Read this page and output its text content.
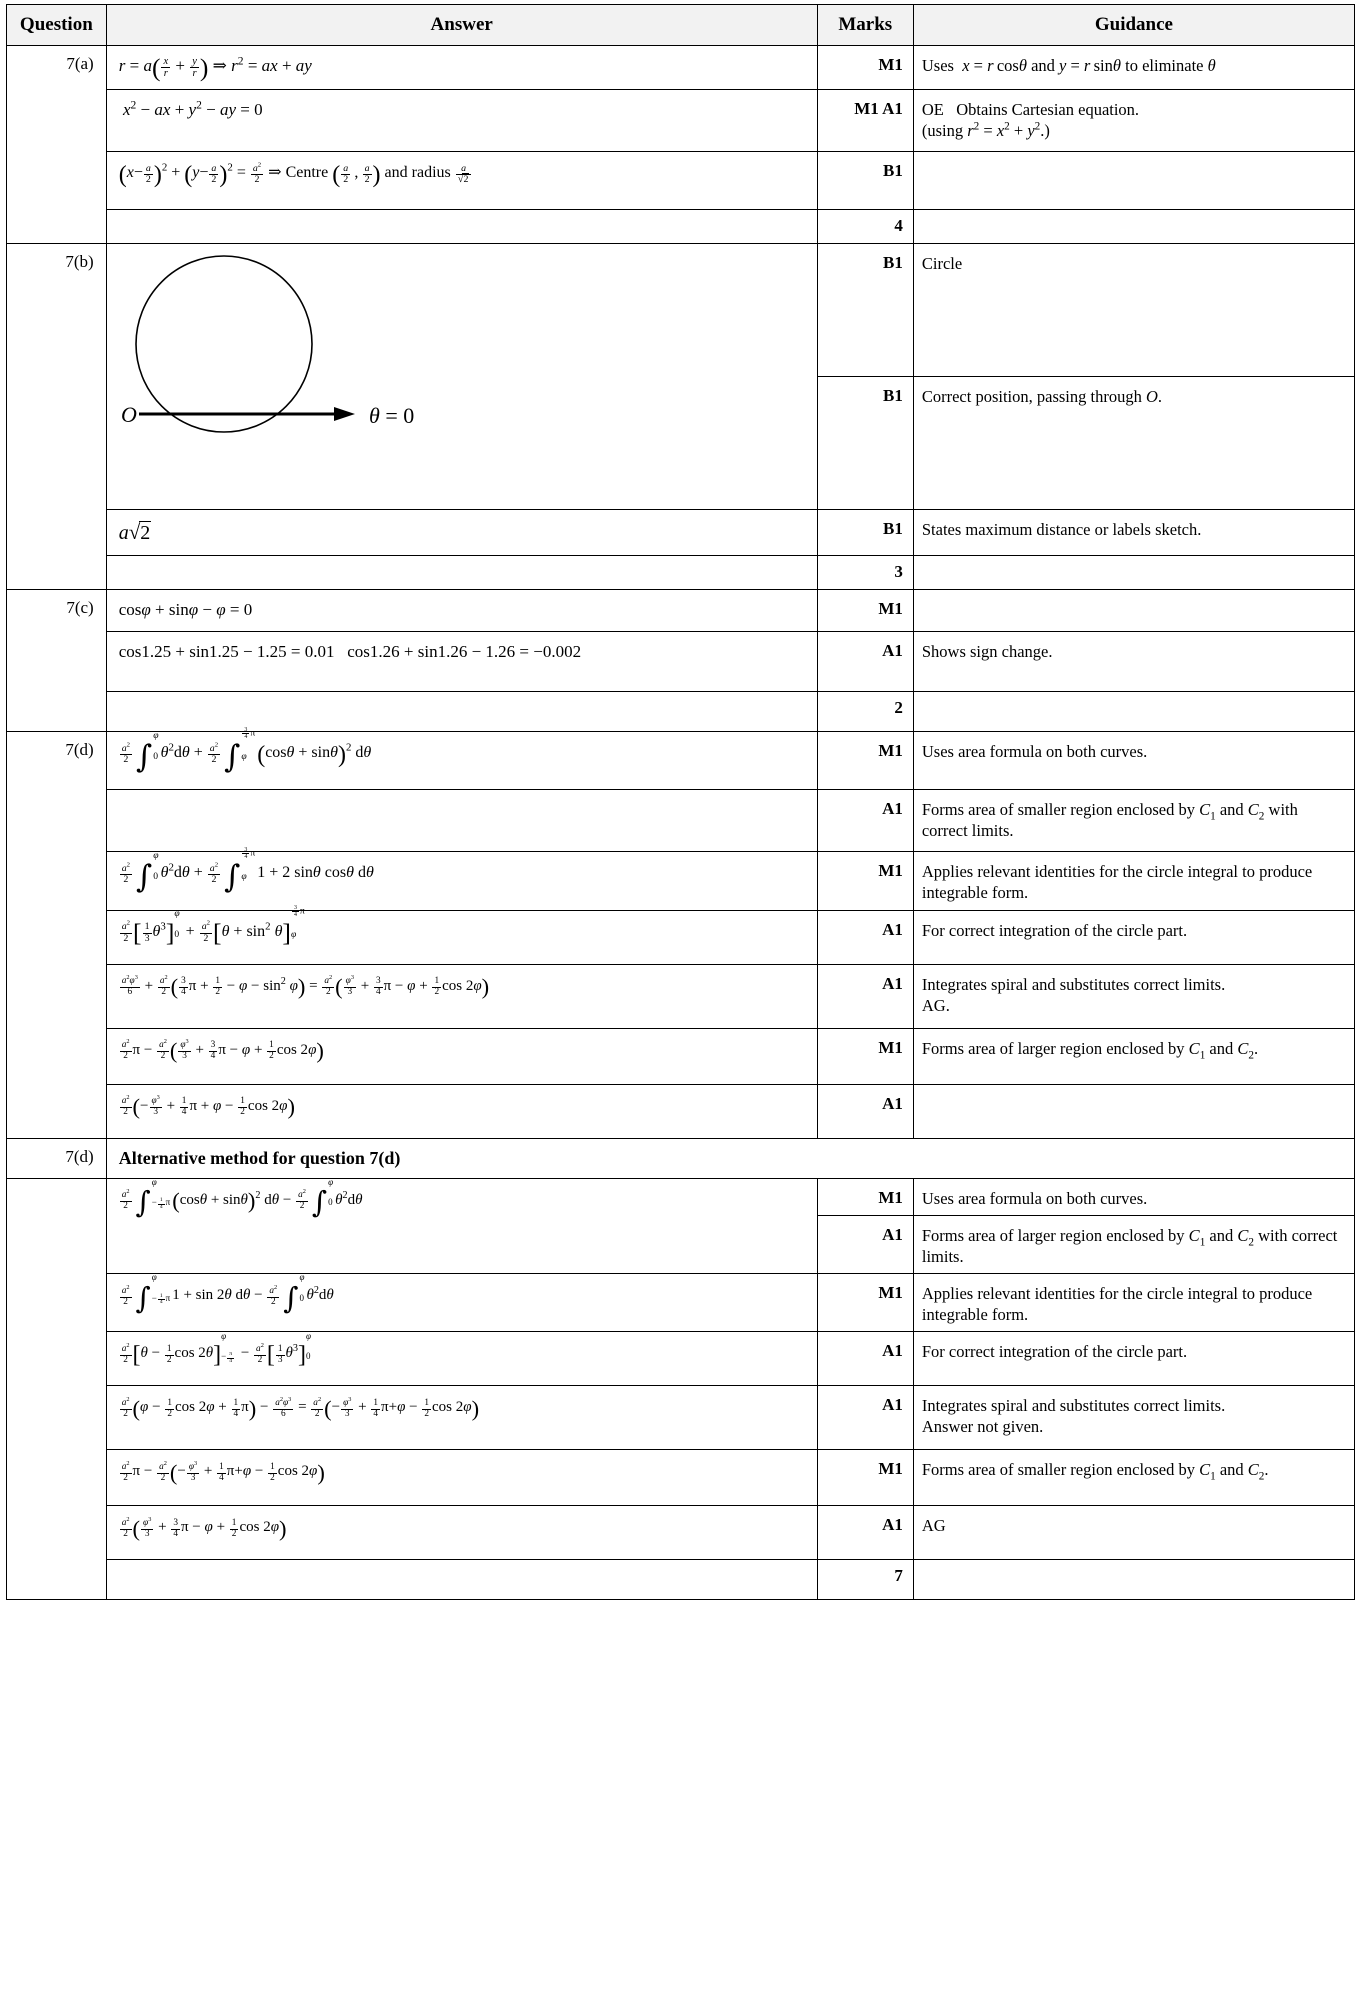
Question	Answer	Marks	Guidance
7(a)	$r = a( \frac{x}{r} + \frac{y}{r}$ ) ⇒ $r^2$ = ax + ay	M1	Uses  x = r cosθ and y = r sinθ to eliminate θ
	$x^2$ − ax + $y^2$ − ay = 0	M1 A1	OE   Obtains Cartesian equation.
(using $r^2 = x^2 + y^2$.)
$(x- \frac{a}{2} )^2 + (y- \frac{a}{2} )^2 = \frac{a^2}{2}$ ⇒ Centre ( $\frac{a}{2}$  ,  $\frac{a}{2}$ ) and radius $\frac{a}{√2}$	B1	
		4	
7(b)	O θ = 0	B1	Circle
		B1	Correct position, passing through O.
	a√2	B1	States maximum distance or labels sketch.
		3	
7(c)	cosφ + sinφ − φ = 0	M1	
	cos1.25 + sin1.25 − 1.25 = 0.01   cos1.26 + sin1.26 − 1.26 = −0.002	A1	Shows sign change.
		2	
7(d)	$\frac{a^2}{2}$ ∫
φ
0 $\theta^2d\theta + \frac{a^2}{2}$ ∫
$\frac{3}{4}$ π
φ $(\cos\theta + \sin\theta)^2$ dθ	M1	Uses area formula on both curves.
		A1	Forms area of smaller region enclosed by $C_1$ and $C_2$ with correct limits.

$\frac{a^2}{2}$ ∫
φ
0 $\theta^2d\theta + \frac{a^2}{2}$ ∫
$\frac{3}{4}$ π
φ 1 + 2 sinθ cosθ dθ	M1	Applies relevant identities for the circle integral to produce integrable form.

$\frac{a^2}{2}$ [ $\frac{1}{3} \theta^3$]
φ
$0 + \frac{a^2}{2} [\theta + \sin^2 \theta]$
$\frac{3}{4}$ π
φ	A1	For correct integration of the circle part.

$\frac{a^2\varphi^3}{6} + \frac{a^2}{2}$ ( $\frac{3}{4}$ $\pi + \frac{1}{2} - \varphi - \sin^2 \varphi) = \frac{a^2}{2}$ ( $\frac{\varphi^3}{3} + \frac{3}{4}$ $\pi - \varphi + \frac{1}{2}$ cos 2φ)	A1	Integrates spiral and substitutes correct limits.
AG.

$\frac{a^2}{2}$ $\pi - \frac{a^2}{2}$ ( $\frac{\varphi^3}{3} + \frac{3}{4}$ $\pi - \varphi + \frac{1}{2}$ cos 2φ)	M1	Forms area of larger region enclosed by $C_1$ and $C_2$.

$\frac{a^2}{2}$ (− $\frac{\varphi^3}{3} + \frac{1}{4}$ $\pi + \varphi - \frac{1}{2}$ cos 2φ)	A1	
7(d)	Alternative method for question 7(d)		

$\frac{a^2}{2}$ ∫
φ
− $\frac{1}{4}$ π $(\cos\theta + \sin\theta)^2$ $d\theta - \frac{a^2}{2}$ ∫
φ
0 $\theta^2d\theta$	M1	Uses area formula on both curves.
		A1	Forms area of larger region enclosed by $C_1$ and $C_2$ with correct limits.

$\frac{a^2}{2}$ ∫
φ
− $\frac{1}{4}$ π 1 + sin 2θ $d\theta - \frac{a^2}{2}$ ∫
φ
0 $\theta^2d\theta$	M1	Applies relevant identities for the circle integral to produce integrable form.

$\frac{a^2}{2} [\theta - \frac{1}{2}$ cos 2θ]
φ
− $\frac{\pi}{4} - \frac{a^2}{2}$ [ $\frac{1}{3} \theta^3$]
φ
0	A1	For correct integration of the circle part.

$\frac{a^2}{2} (\varphi - \frac{1}{2}$ $\cos 2\varphi + \frac{1}{4} \pi) - \frac{a^2\varphi^3}{6} = \frac{a^2}{2}$ (− $\frac{\varphi^3}{3} + \frac{1}{4} \pi+\varphi - \frac{1}{2}$ cos 2φ)	A1	Integrates spiral and substitutes correct limits.
Answer not given.

$\frac{a^2}{2}$ $\pi - \frac{a^2}{2}$ (− $\frac{\varphi^3}{3} + \frac{1}{4} \pi+\varphi - \frac{1}{2}$ cos 2φ)	M1	Forms area of smaller region enclosed by $C_1$ and $C_2$.

$\frac{a^2}{2}$ ( $\frac{\varphi^3}{3} + \frac{3}{4}$ $\pi - \varphi + \frac{1}{2}$ cos 2φ)	A1	AG
		7	
